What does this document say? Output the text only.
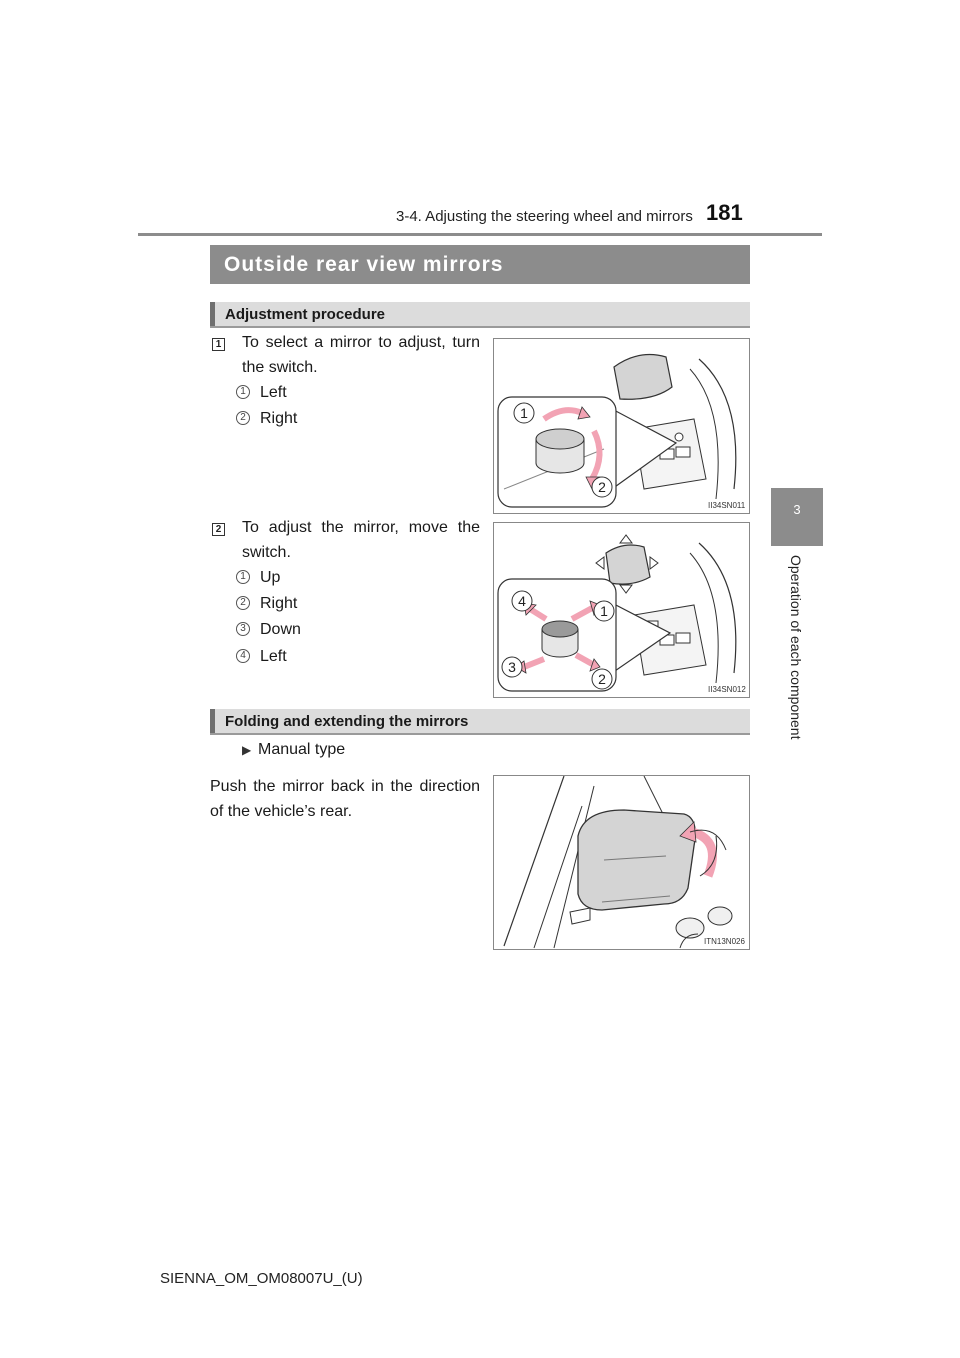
3-4. Adjusting the steering wheel and mirrors 181
3
Operation of each component
Outside rear view mirrors
Adjustment procedure
1 To select a mirror to adjust, turn the switch.
1 Left
2 Right	1
2
II34SN011
2 To adjust the mirror, move the switch.
1 Up
2 Right
3 Down
4 Left
1
2
3
4
II34SN012
Folding and extending the mirrors
▶ Manual type
Push the mirror back in the direction of the vehicle’s rear.
ITN13N026
SIENNA_OM_OM08007U_(U)
